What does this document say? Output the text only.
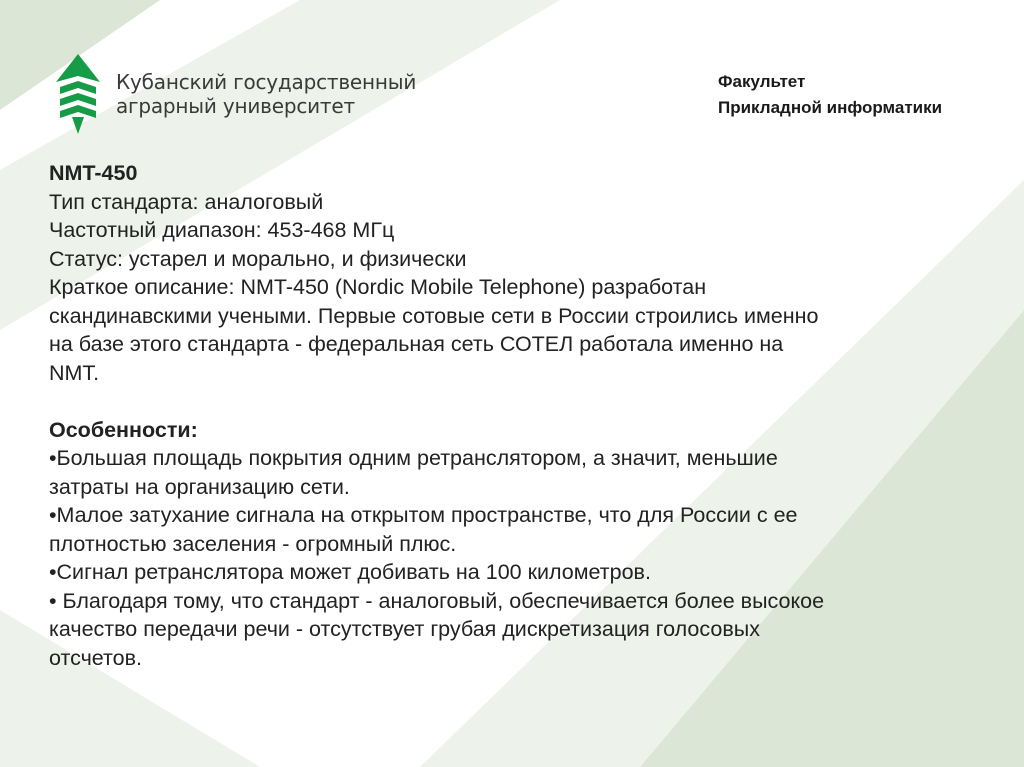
Кубанский государственный
аграрный университет
Факультет
Прикладной информатики
NMT-450
Тип стандарта: аналоговый
Частотный диапазон: 453-468 МГц
Статус: устарел и морально, и физически
Краткое описание: NMT-450 (Nordic Mobile Telephone) разработан
скандинавскими учеными. Первые сотовые сети в России строились именно
на базе этого стандарта - федеральная сеть СОТЕЛ работала именно на
NMT.
Особенности:
•Большая площадь покрытия одним ретранслятором, а значит, меньшие
затраты на организацию сети.
•Малое затухание сигнала на открытом пространстве, что для России с ее
плотностью заселения - огромный плюс.
•Сигнал ретранслятора может добивать на 100 километров.
• Благодаря тому, что стандарт - аналоговый, обеспечивается более высокое
качество передачи речи - отсутствует грубая дискретизация голосовых
отсчетов.
